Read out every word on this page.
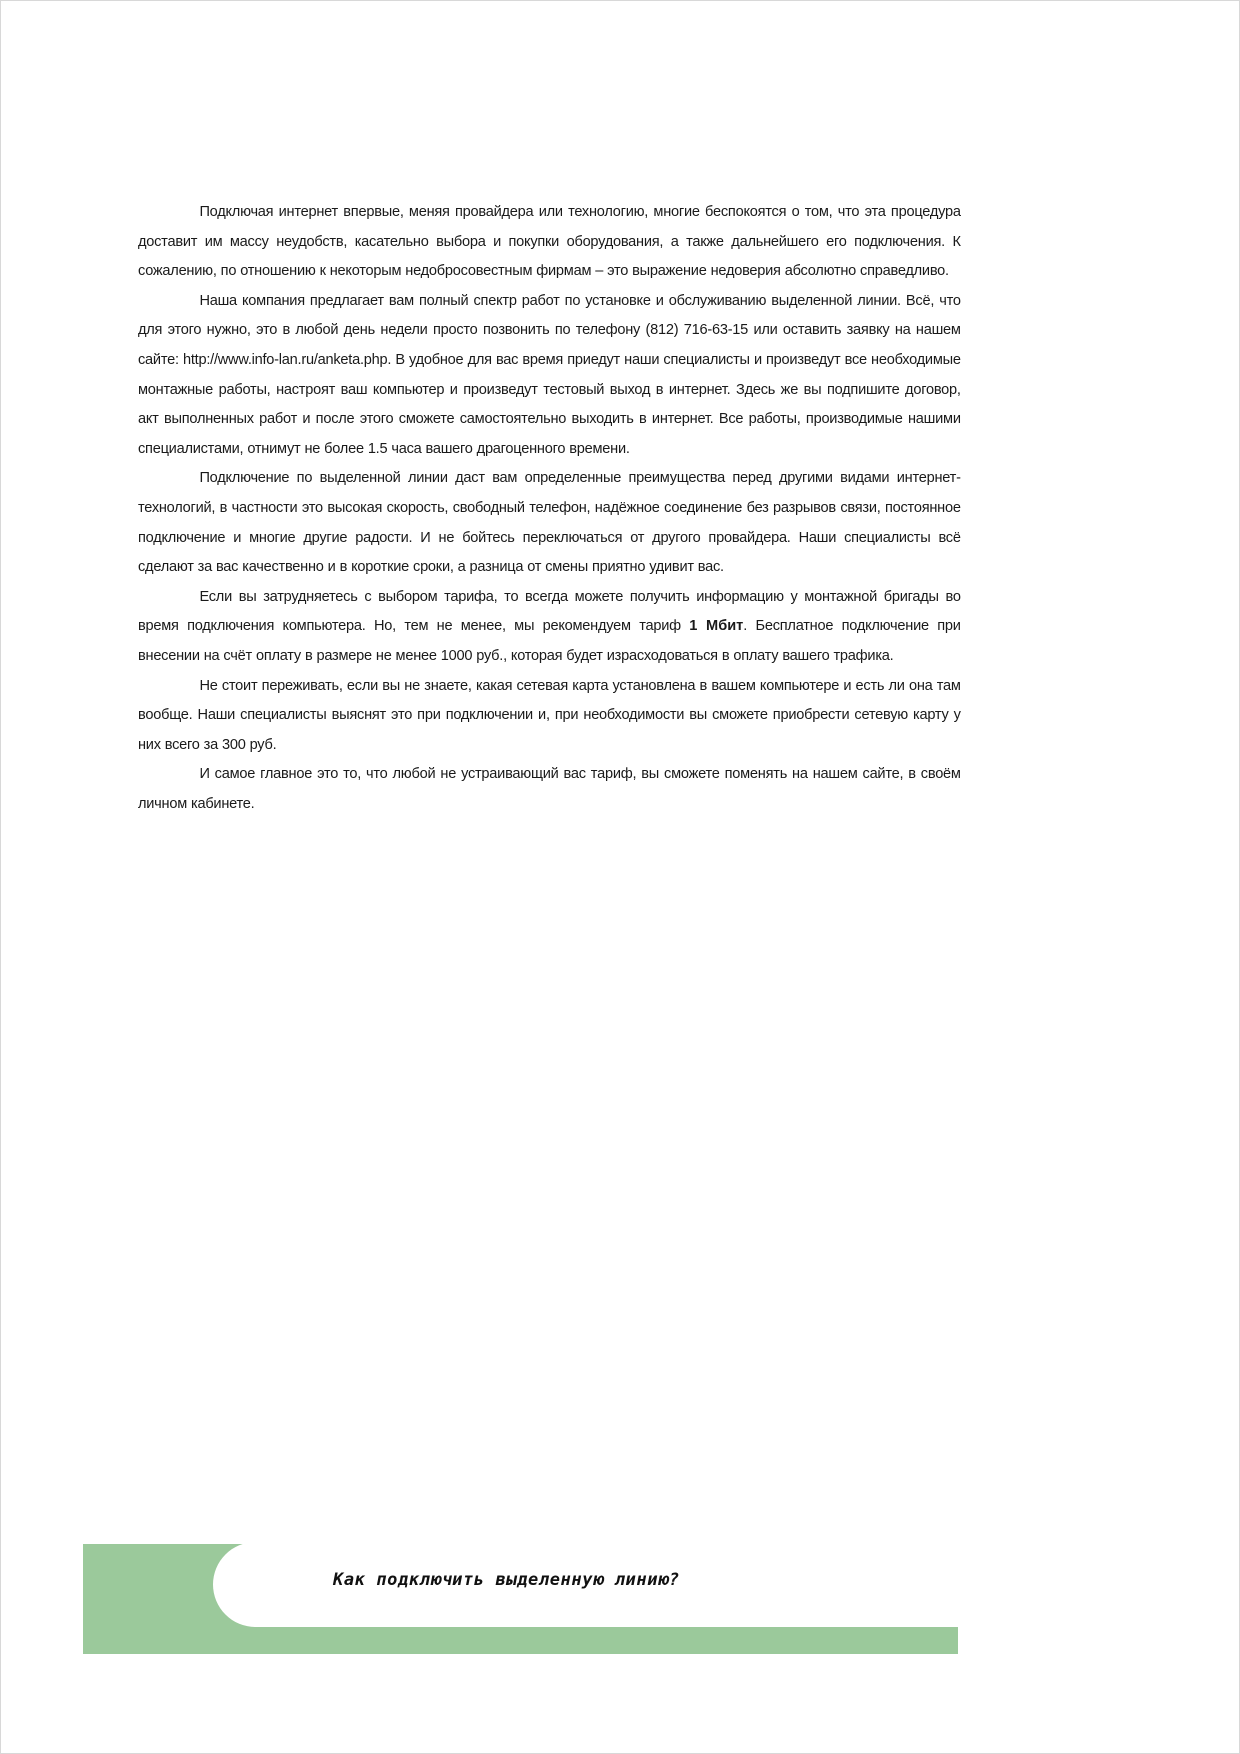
Подключая интернет впервые, меняя провайдера или технологию, многие беспокоятся о том, что эта процедура доставит им массу неудобств, касательно выбора и покупки оборудования, а также дальнейшего его подключения. К сожалению, по отношению к некоторым недобросовестным фирмам – это выражение недоверия абсолютно справедливо.

Наша компания предлагает вам полный спектр работ по установке и обслуживанию выделенной линии. Всё, что для этого нужно, это в любой день недели просто позвонить по телефону (812) 716-63-15 или оставить заявку на нашем сайте: http://www.info-lan.ru/anketa.php. В удобное для вас время приедут наши специалисты и произведут все необходимые монтажные работы, настроят ваш компьютер и произведут тестовый выход в интернет. Здесь же вы подпишите договор, акт выполненных работ и после этого сможете самостоятельно выходить в интернет. Все работы, производимые нашими специалистами, отнимут не более 1.5 часа вашего драгоценного времени.

Подключение по выделенной линии даст вам определенные преимущества перед другими видами интернет-технологий, в частности это высокая скорость, свободный телефон, надёжное соединение без разрывов связи, постоянное подключение и многие другие радости. И не бойтесь переключаться от другого провайдера. Наши специалисты всё сделают за вас качественно и в короткие сроки, а разница от смены приятно удивит вас.

Если вы затрудняетесь с выбором тарифа, то всегда можете получить информацию у монтажной бригады во время подключения компьютера. Но, тем не менее, мы рекомендуем тариф 1 Мбит. Бесплатное подключение при внесении на счёт оплату в размере не менее 1000 руб., которая будет израсходоваться в оплату вашего трафика.

Не стоит переживать, если вы не знаете, какая сетевая карта установлена в вашем компьютере и есть ли она там вообще. Наши специалисты выяснят это при подключении и, при необходимости вы сможете приобрести сетевую карту у них всего за 300 руб.

И самое главное это то, что любой не устраивающий вас тариф, вы сможете поменять на нашем сайте, в своём личном кабинете.

Как подключить выделенную линию?
